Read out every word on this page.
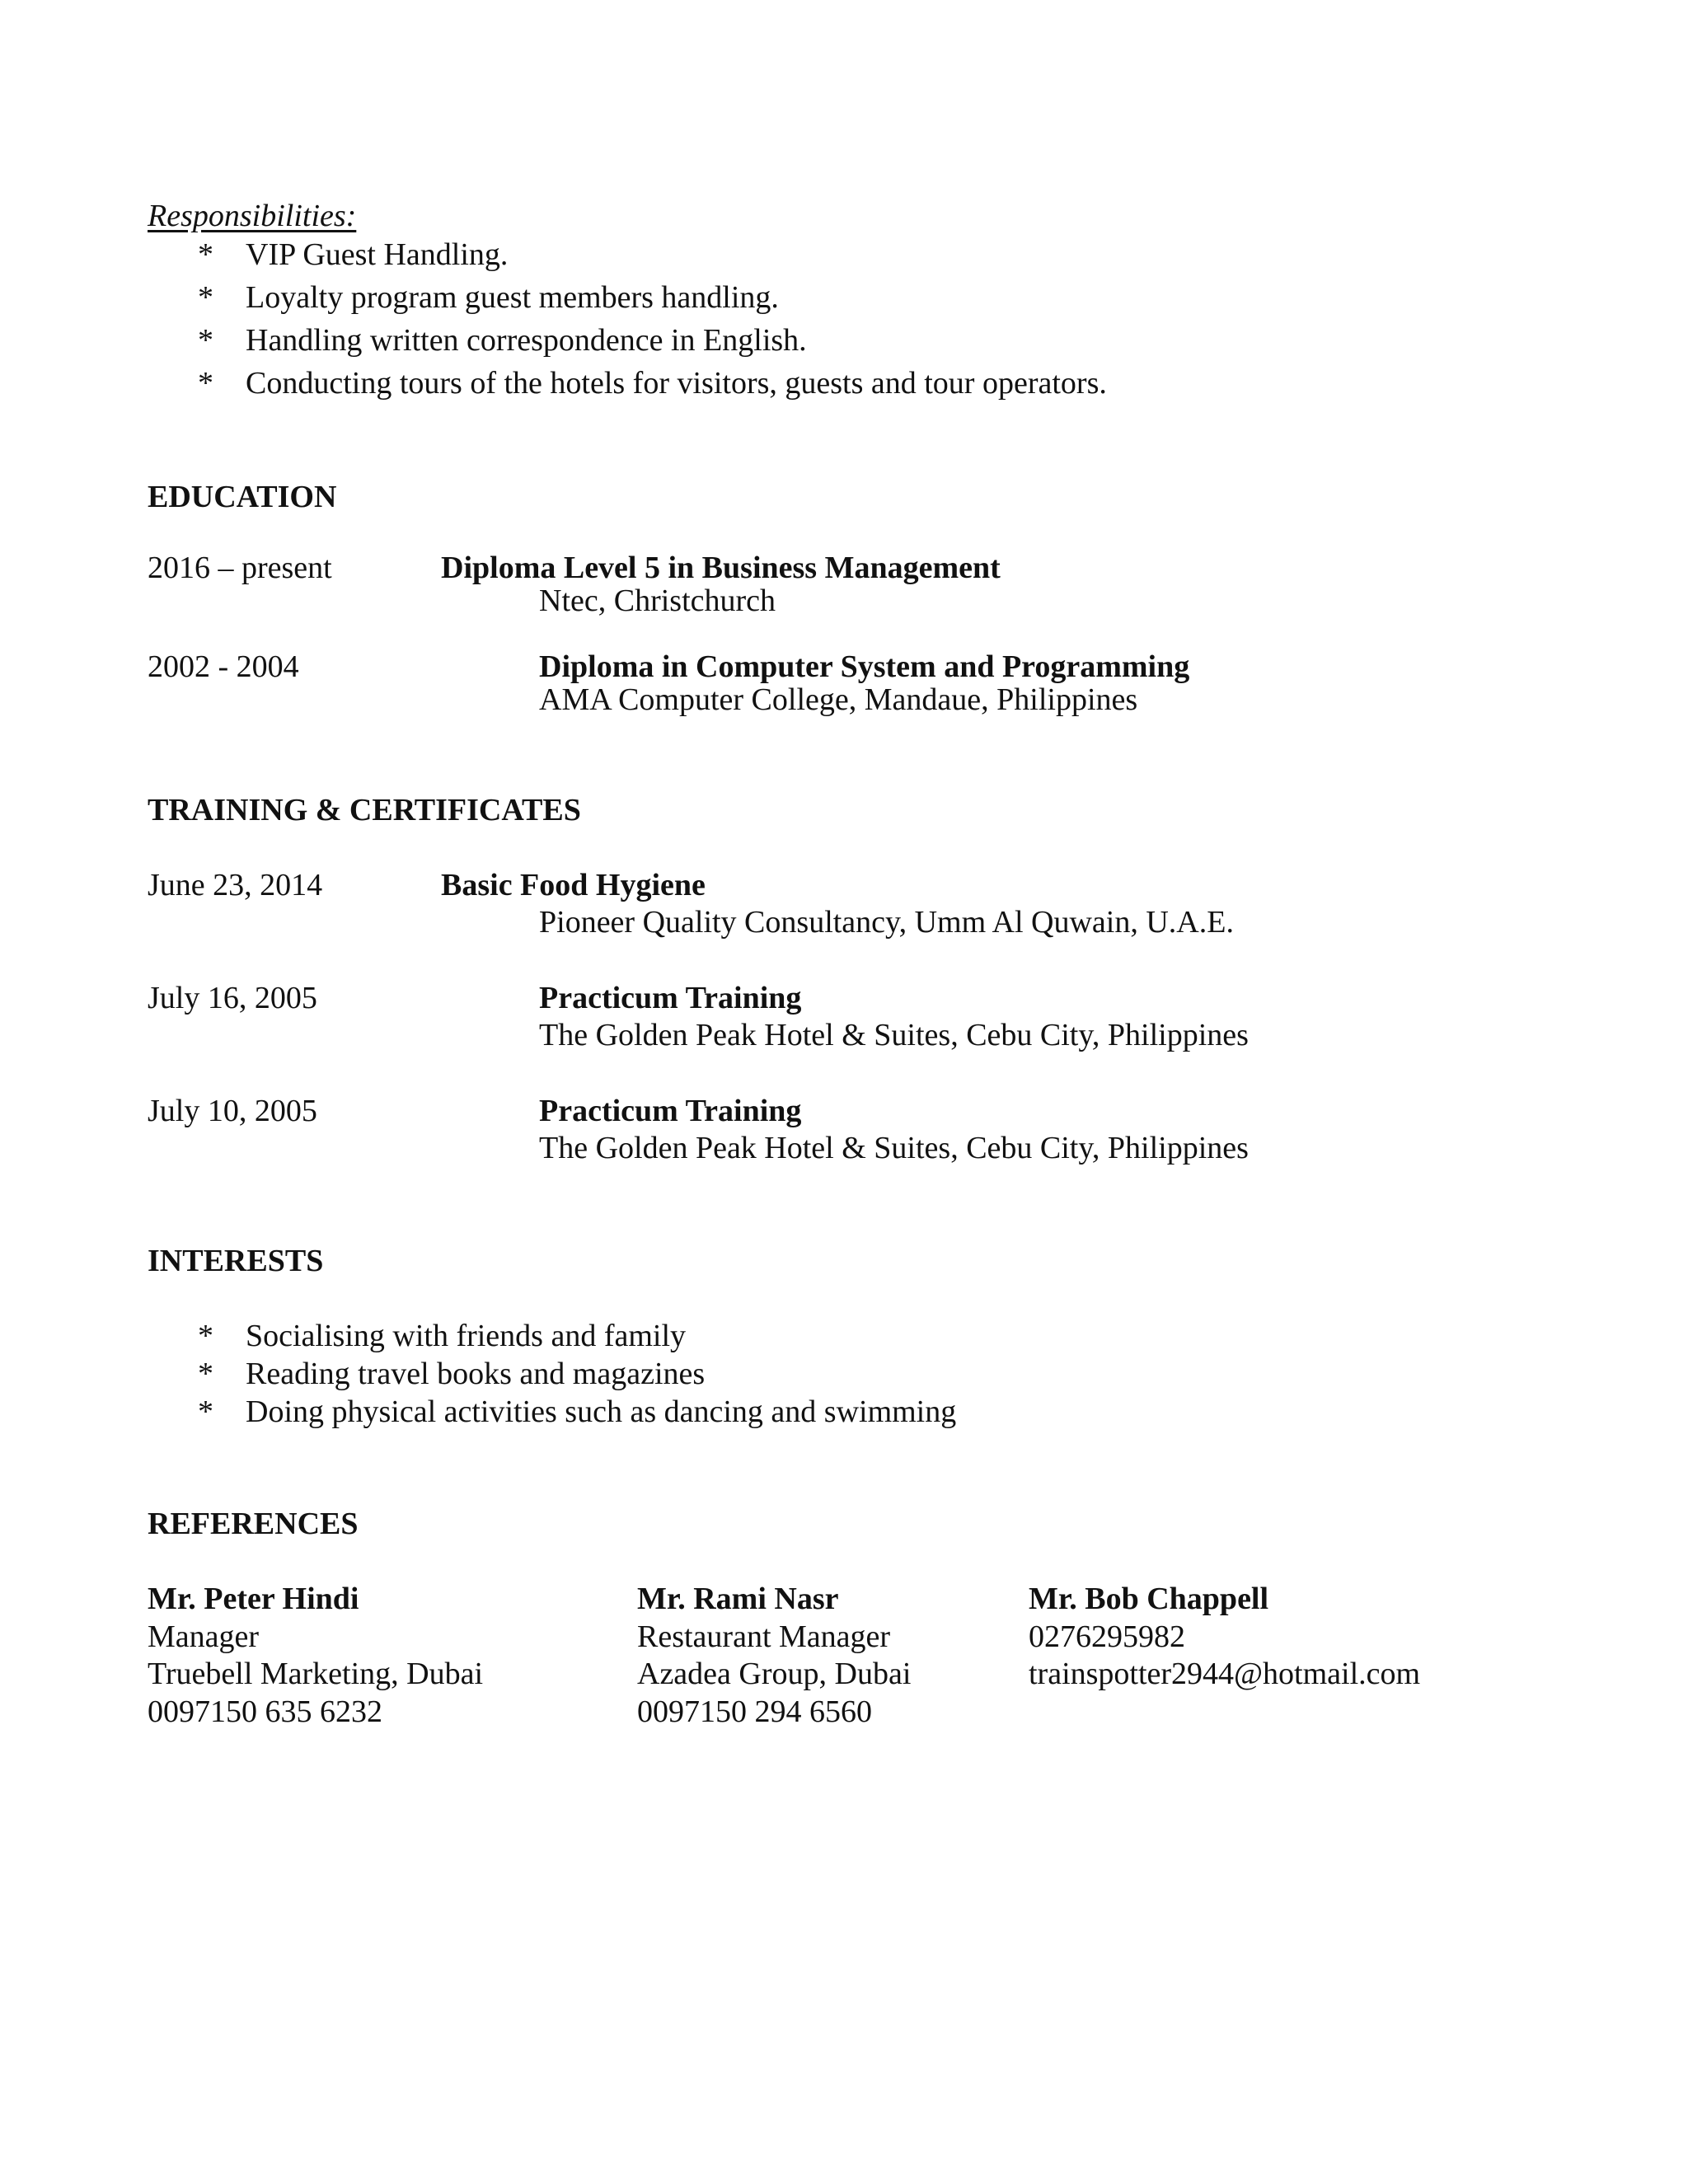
Responsibilities:
* VIP Guest Handling.
* Loyalty program guest members handling.
* Handling written correspondence in English.
* Conducting tours of the hotels for visitors, guests and tour operators.
EDUCATION
2016 – present	Diploma Level 5 in Business Management
Ntec, Christchurch
2002 - 2004	Diploma in Computer System and Programming
AMA Computer College, Mandaue, Philippines
TRAINING & CERTIFICATES
June 23, 2014	Basic Food Hygiene
Pioneer Quality Consultancy, Umm Al Quwain, U.A.E.
July 16, 2005	Practicum Training
The Golden Peak Hotel & Suites, Cebu City, Philippines
July 10, 2005	Practicum Training
The Golden Peak Hotel & Suites, Cebu City, Philippines
INTERESTS
* Socialising with friends and family
* Reading travel books and magazines
* Doing physical activities such as dancing and swimming
REFERENCES
Mr. Peter Hindi
Manager
Truebell Marketing, Dubai
0097150 635 6232
Mr. Rami Nasr
Restaurant Manager
Azadea Group, Dubai
0097150 294 6560
Mr. Bob Chappell
0276295982
trainspotter2944@hotmail.com
